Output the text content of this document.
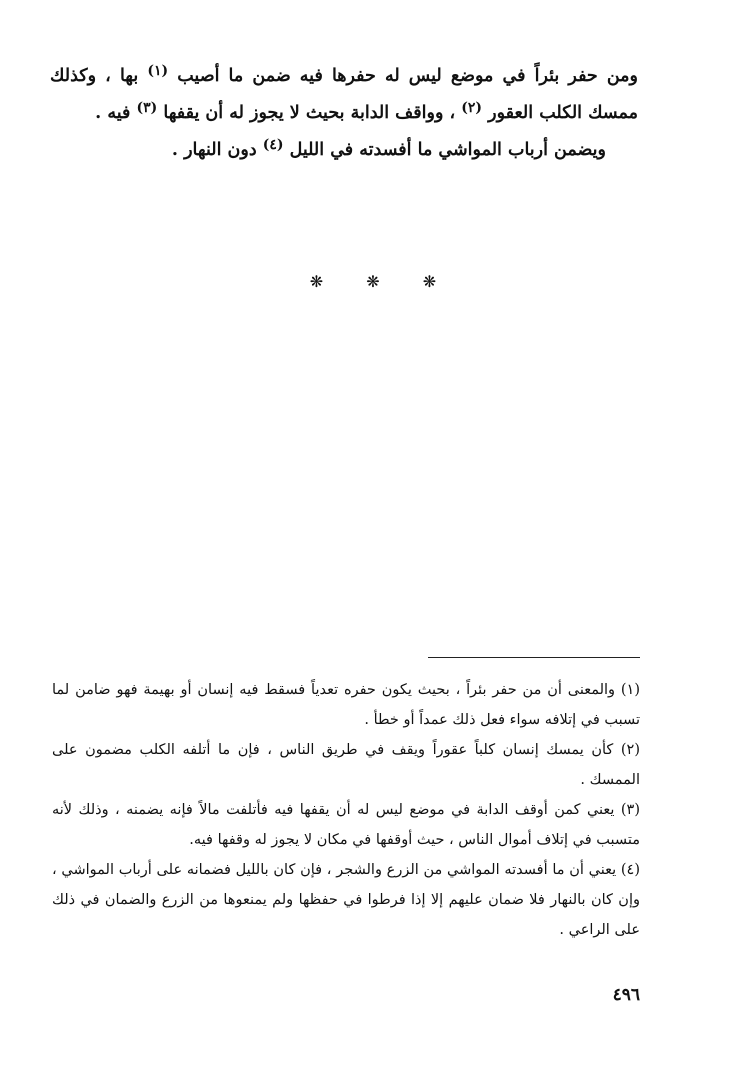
ومن حفر بئراً في موضع ليس له حفرها فيه ضمن ما أصيب $^{(١)}$ بها ، وكذلك ممسك الكلب العقور $^{(٢)}$ ، وواقف الدابة بحيث لا يجوز له أن يقفها $^{(٣)}$ فيه .

ويضمن أرباب المواشي ما أفسدته في الليل $^{(٤)}$ دون النهار .

❋	❋	❋

(١) والمعنى أن من حفر بئراً ، بحيث يكون حفره تعدياً فسقط فيه إنسان أو بهيمة فهو ضامن لما تسبب في إتلافه سواء فعل ذلك عمداً أو خطأ .

(٢) كأن يمسك إنسان كلباً عقوراً ويقف في طريق الناس ، فإن ما أتلفه الكلب مضمون على الممسك .

(٣) يعني كمن أوقف الدابة في موضع ليس له أن يقفها فيه فأتلفت مالاً فإنه يضمنه ، وذلك لأنه متسبب في إتلاف أموال الناس ، حيث أوقفها في مكان لا يجوز له وقفها فيه.

(٤) يعني أن ما أفسدته المواشي من الزرع والشجر ، فإن كان بالليل فضمانه على أرباب المواشي ، وإن كان بالنهار فلا ضمان عليهم إلا إذا فرطوا في حفظها ولم يمنعوها من الزرع والضمان في ذلك على الراعي .

٤٩٦
